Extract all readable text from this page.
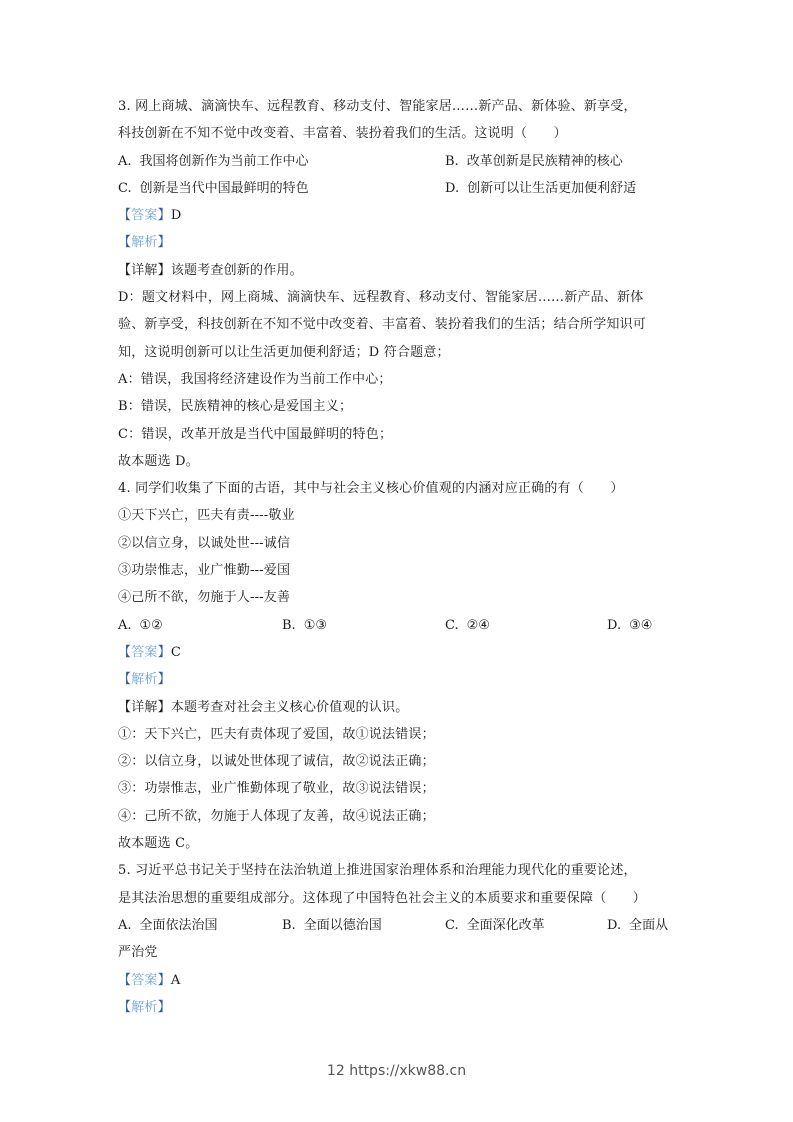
3. 网上商城、滴滴快车、远程教育、移动支付、智能家居……新产品、新体验、新享受，
科技创新在不知不觉中改变着、丰富着、装扮着我们的生活。这说明（　　）
A. 我国将创新作为当前工作中心	B. 改革创新是民族精神的核心
C. 创新是当代中国最鲜明的特色	D. 创新可以让生活更加便利舒适
【答案】D
【解析】
【详解】该题考查创新的作用。
D：题文材料中，网上商城、滴滴快车、远程教育、移动支付、智能家居……新产品、新体
验、新享受，科技创新在不知不觉中改变着、丰富着、装扮着我们的生活；结合所学知识可
知，这说明创新可以让生活更加便利舒适；D 符合题意；
A：错误，我国将经济建设作为当前工作中心；
B：错误，民族精神的核心是爱国主义；
C：错误，改革开放是当代中国最鲜明的特色；
故本题选 D。
4. 同学们收集了下面的古语，其中与社会主义核心价值观的内涵对应正确的有（　　）
①天下兴亡，匹夫有责----敬业
②以信立身，以诚处世---诚信
③功崇惟志，业广惟勤---爱国
④己所不欲，勿施于人---友善
A. ①②	B. ①③	C. ②④	D. ③④
【答案】C
【解析】
【详解】本题考查对社会主义核心价值观的认识。
①：天下兴亡，匹夫有责体现了爱国，故①说法错误；
②：以信立身，以诚处世体现了诚信，故②说法正确；
③：功崇惟志，业广惟勤体现了敬业，故③说法错误；
④：己所不欲，勿施于人体现了友善，故④说法正确；
故本题选 C。
5. 习近平总书记关于坚持在法治轨道上推进国家治理体系和治理能力现代化的重要论述，
是其法治思想的重要组成部分。这体现了中国特色社会主义的本质要求和重要保障（　　）
A. 全面依法治国	B. 全面以德治国	C. 全面深化改革	D. 全面从
严治党
【答案】A
【解析】
12 https://xkw88.cn
